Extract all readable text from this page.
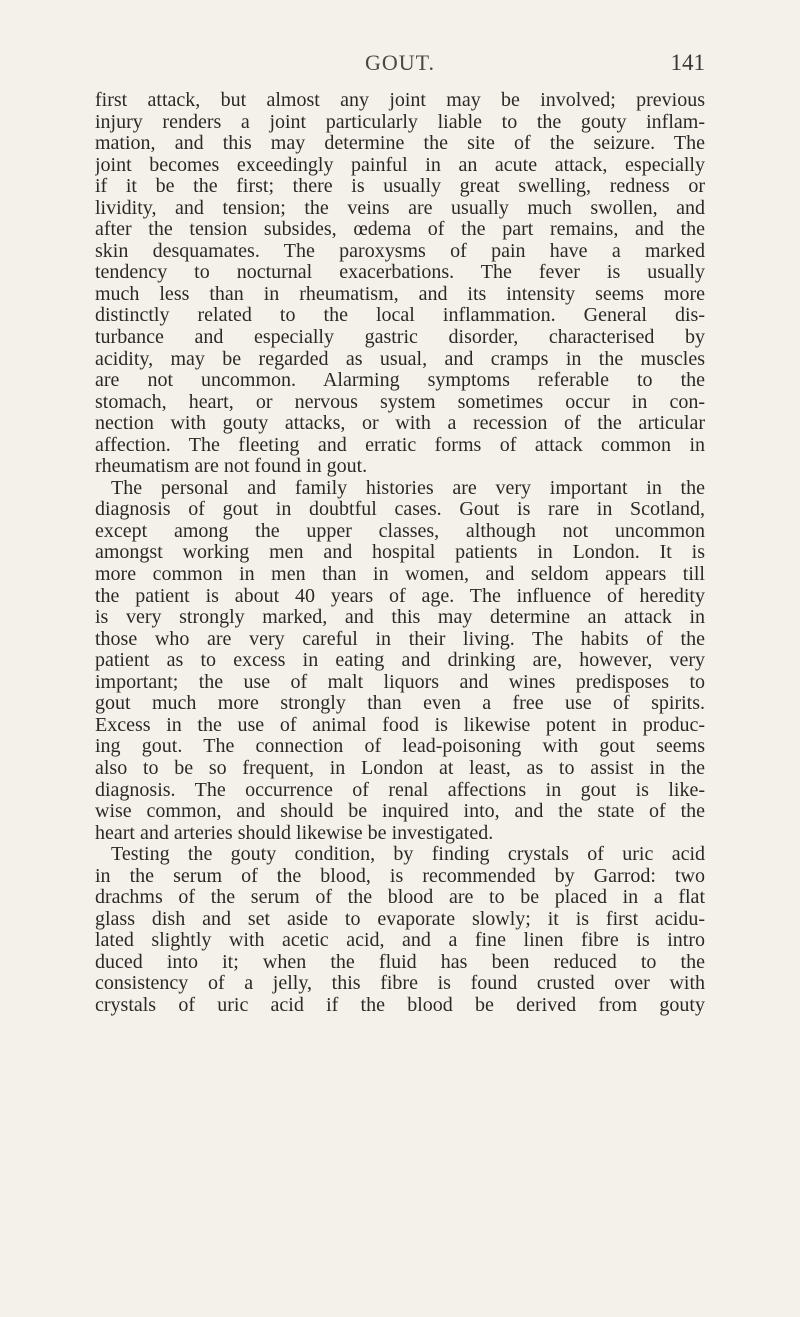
GOUT.	141
first attack, but almost any joint may be involved; previous
injury renders a joint particularly liable to the gouty inflam-
mation, and this may determine the site of the seizure. The
joint becomes exceedingly painful in an acute attack, especially
if it be the first; there is usually great swelling, redness or
lividity, and tension; the veins are usually much swollen, and
after the tension subsides, œdema of the part remains, and the
skin desquamates. The paroxysms of pain have a marked
tendency to nocturnal exacerbations. The fever is usually
much less than in rheumatism, and its intensity seems more
distinctly related to the local inflammation. General dis-
turbance and especially gastric disorder, characterised by
acidity, may be regarded as usual, and cramps in the muscles
are not uncommon. Alarming symptoms referable to the
stomach, heart, or nervous system sometimes occur in con-
nection with gouty attacks, or with a recession of the articular
affection. The fleeting and erratic forms of attack common in
rheumatism are not found in gout.
The personal and family histories are very important in the
diagnosis of gout in doubtful cases. Gout is rare in Scotland,
except among the upper classes, although not uncommon
amongst working men and hospital patients in London. It is
more common in men than in women, and seldom appears till
the patient is about 40 years of age. The influence of heredity
is very strongly marked, and this may determine an attack in
those who are very careful in their living. The habits of the
patient as to excess in eating and drinking are, however, very
important; the use of malt liquors and wines predisposes to
gout much more strongly than even a free use of spirits.
Excess in the use of animal food is likewise potent in produc-
ing gout. The connection of lead-poisoning with gout seems
also to be so frequent, in London at least, as to assist in the
diagnosis. The occurrence of renal affections in gout is like-
wise common, and should be inquired into, and the state of the
heart and arteries should likewise be investigated.
Testing the gouty condition, by finding crystals of uric acid
in the serum of the blood, is recommended by Garrod: two
drachms of the serum of the blood are to be placed in a flat
glass dish and set aside to evaporate slowly; it is first acidu-
lated slightly with acetic acid, and a fine linen fibre is intro
duced into it; when the fluid has been reduced to the
consistency of a jelly, this fibre is found crusted over with
crystals of uric acid if the blood be derived from gouty
